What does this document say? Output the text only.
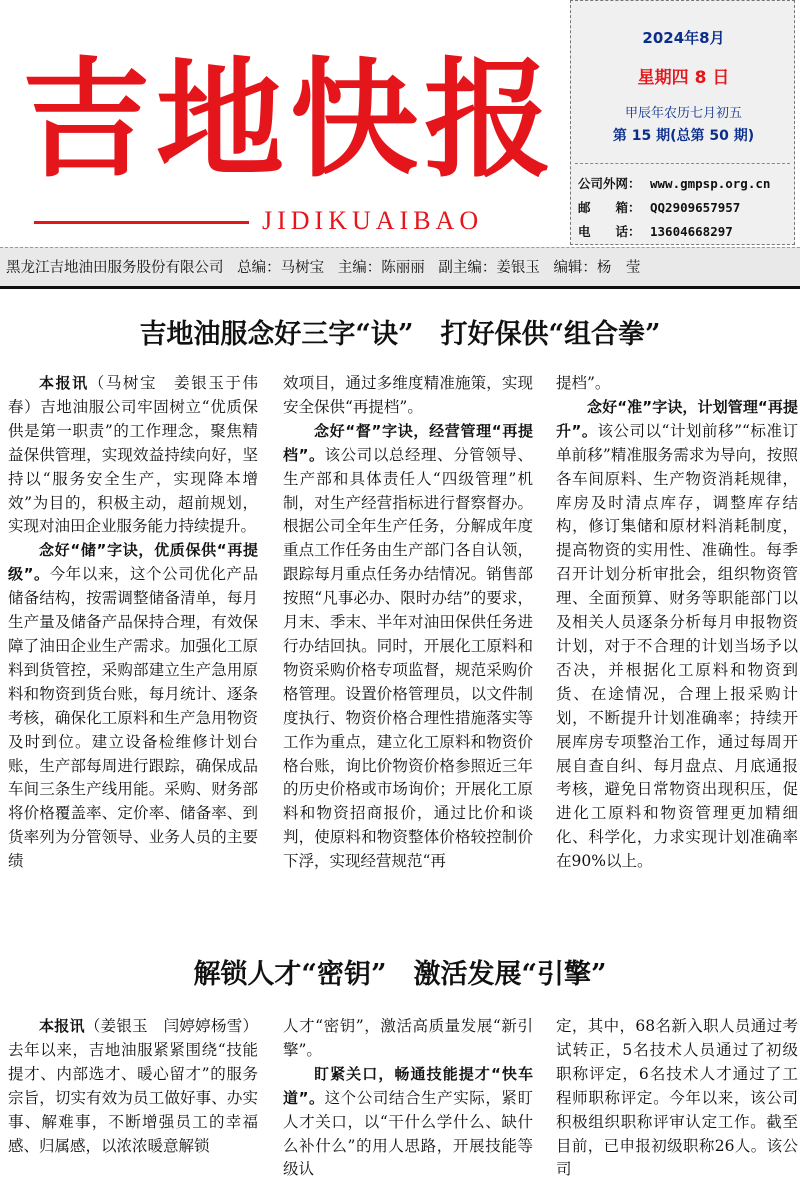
吉地快报
JIDIKUAIBAO
2024年8月
星期四 8 日
甲辰年农历七月初五
第 15 期(总第 50 期)
公司外网： www.gmpsp.org.cn
邮　　箱： QQ2909657957
电　　话： 13604668297
黑龙江吉地油田服务股份有限公司 总编：马树宝 主编：陈丽丽 副主编：姜银玉 编辑：杨　莹
吉地油服念好三字“诀”　打好保供“组合拳”

本报讯（马树宝　姜银玉于伟春）吉地油服公司牢固树立“优质保供是第一职责”的工作理念，聚焦精益保供管理，实现效益持续向好，坚持以“服务安全生产，实现降本增效”为目的，积极主动，超前规划，实现对油田企业服务能力持续提升。

念好“储”字诀，优质保供“再提级”。今年以来，这个公司优化产品储备结构，按需调整储备清单，每月生产量及储备产品保持合理，有效保障了油田企业生产需求。加强化工原料到货管控，采购部建立生产急用原料和物资到货台账，每月统计、逐条考核，确保化工原料和生产急用物资及时到位。建立设备检维修计划台账，生产部每周进行跟踪，确保成品车间三条生产线用能。采购、财务部将价格覆盖率、定价率、储备率、到货率列为分管领导、业务人员的主要绩

效项目，通过多维度精准施策，实现安全保供“再提档”。

念好“督”字诀，经营管理“再提档”。该公司以总经理、分管领导、生产部和具体责任人“四级管理”机制，对生产经营指标进行督察督办。根据公司全年生产任务，分解成年度重点工作任务由生产部门各自认领，跟踪每月重点任务办结情况。销售部按照“凡事必办、限时办结”的要求，月末、季末、半年对油田保供任务进行办结回执。同时，开展化工原料和物资采购价格专项监督，规范采购价格管理。设置价格管理员，以文件制度执行、物资价格合理性措施落实等工作为重点，建立化工原料和物资价格台账，询比价物资价格参照近三年的历史价格或市场询价；开展化工原料和物资招商报价，通过比价和谈判，使原料和物资整体价格较控制价下浮，实现经营规范“再

提档”。

念好“准”字诀，计划管理“再提升”。该公司以“计划前移”“标准订单前移”精准服务需求为导向，按照各车间原料、生产物资消耗规律，库房及时清点库存，调整库存结构，修订集储和原材料消耗制度，提高物资的实用性、准确性。每季召开计划分析审批会，组织物资管理、全面预算、财务等职能部门以及相关人员逐条分析每月申报物资计划，对于不合理的计划当场予以否决，并根据化工原料和物资到货、在途情况，合理上报采购计划，不断提升计划准确率；持续开展库房专项整治工作，通过每周开展自查自纠、每月盘点、月底通报考核，避免日常物资出现积压，促进化工原料和物资管理更加精细化、科学化，力求实现计划准确率在90%以上。

解锁人才“密钥”　激活发展“引擎”

本报讯（姜银玉　闫婷婷杨雪）去年以来，吉地油服紧紧围绕“技能提才、内部选才、暖心留才”的服务宗旨，切实有效为员工做好事、办实事、解难事，不断增强员工的幸福感、归属感，以浓浓暖意解锁

人才“密钥”，激活高质量发展“新引擎”。

盯紧关口，畅通技能提才“快车道”。这个公司结合生产实际，紧盯人才关口，以“干什么学什么、缺什么补什么”的用人思路，开展技能等级认

定，其中，68名新入职人员通过考试转正，5名技术人员通过了初级职称评定，6名技术人才通过了工程师职称评定。今年以来，该公司积极组织职称评审认定工作。截至目前，已申报初级职称26人。该公司
